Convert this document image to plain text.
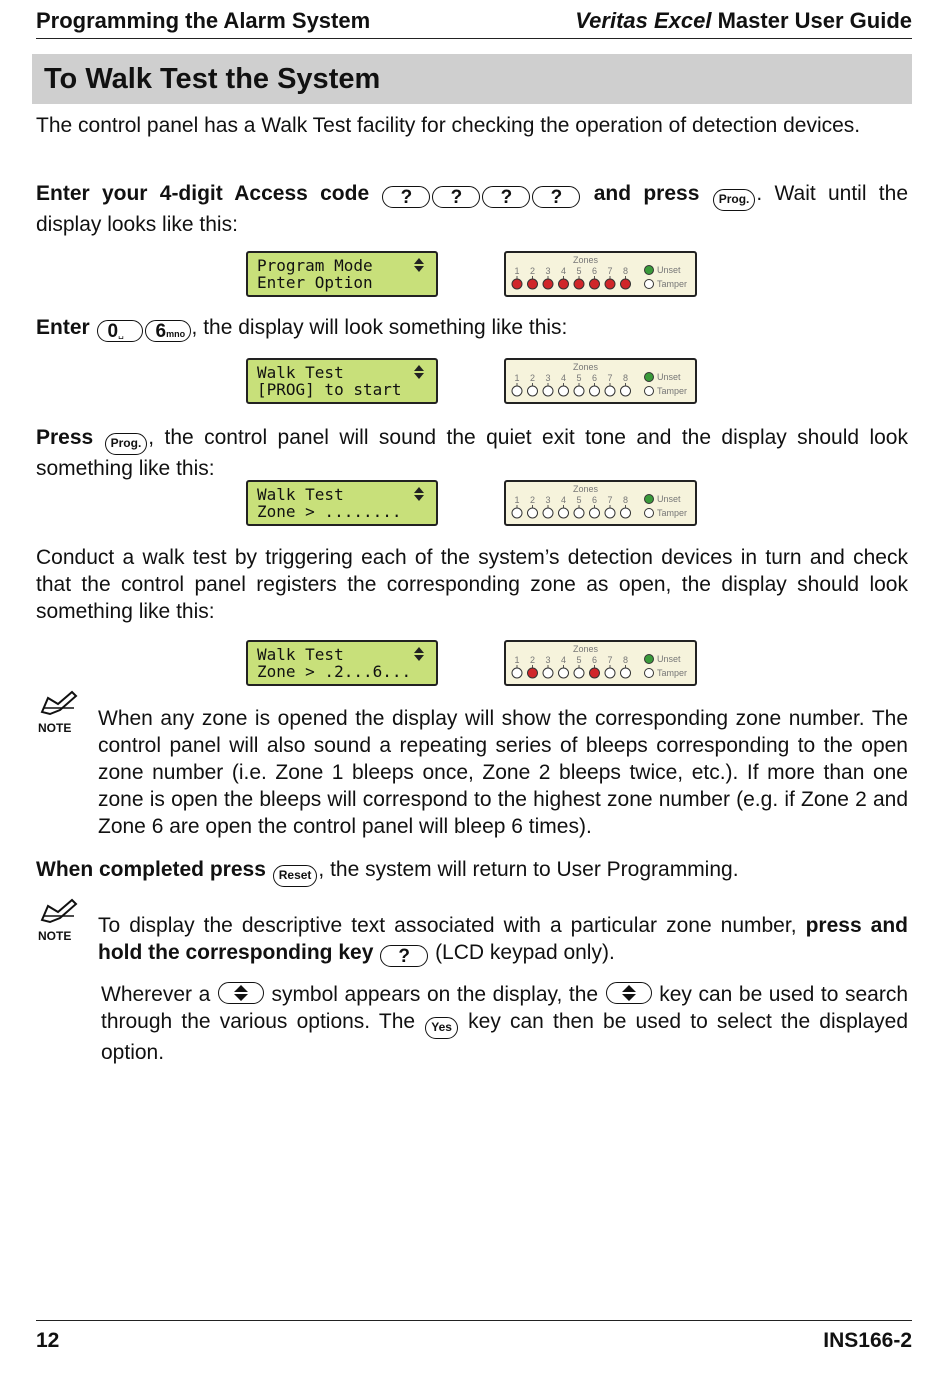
Programming the Alarm System	Veritas Excel Master User Guide
To Walk Test the System
The control panel has a Walk Test facility for checking the operation of detection devices.
Enter your 4-digit Access code ? ? ? ? and press Prog. . Wait until the display looks like this:
Program Mode
Enter Option
Zones
1 2 3 4 5 6 7 8	Unset
Tamper
Enter 0␣ 6mno , the display will look something like this:
Walk Test
[PROG] to start
Zones
1 2 3 4 5 6 7 8	Unset
Tamper
Press Prog. , the control panel will sound the quiet exit tone and the display should look something like this:
Walk Test
Zone > ........
Zones
1 2 3 4 5 6 7 8	Unset
Tamper
Conduct a walk test by triggering each of the system’s detection devices in turn and check that the control panel registers the corresponding zone as open, the display should look something like this:
Walk Test
Zone > .2...6...
Zones
1 2 3 4 5 6 7 8	Unset
Tamper
NOTE	When any zone is opened the display will show the corresponding zone number. The control panel will also sound a repeating series of bleeps corresponding to the open zone number (i.e. Zone 1 bleeps once, Zone 2 bleeps twice, etc.). If more than one zone is open the bleeps will correspond to the highest zone number (e.g. if Zone 2 and Zone 6 are open the control panel will bleep 6 times).
When completed press Reset , the system will return to User Programming.
NOTE	To display the descriptive text associated with a particular zone number, press and hold the corresponding key ? (LCD keypad only).
Wherever a	symbol appears on the display, the	key can be used to search through the various options. The Yes key can then be used to select the displayed option.
12	INS166-2
